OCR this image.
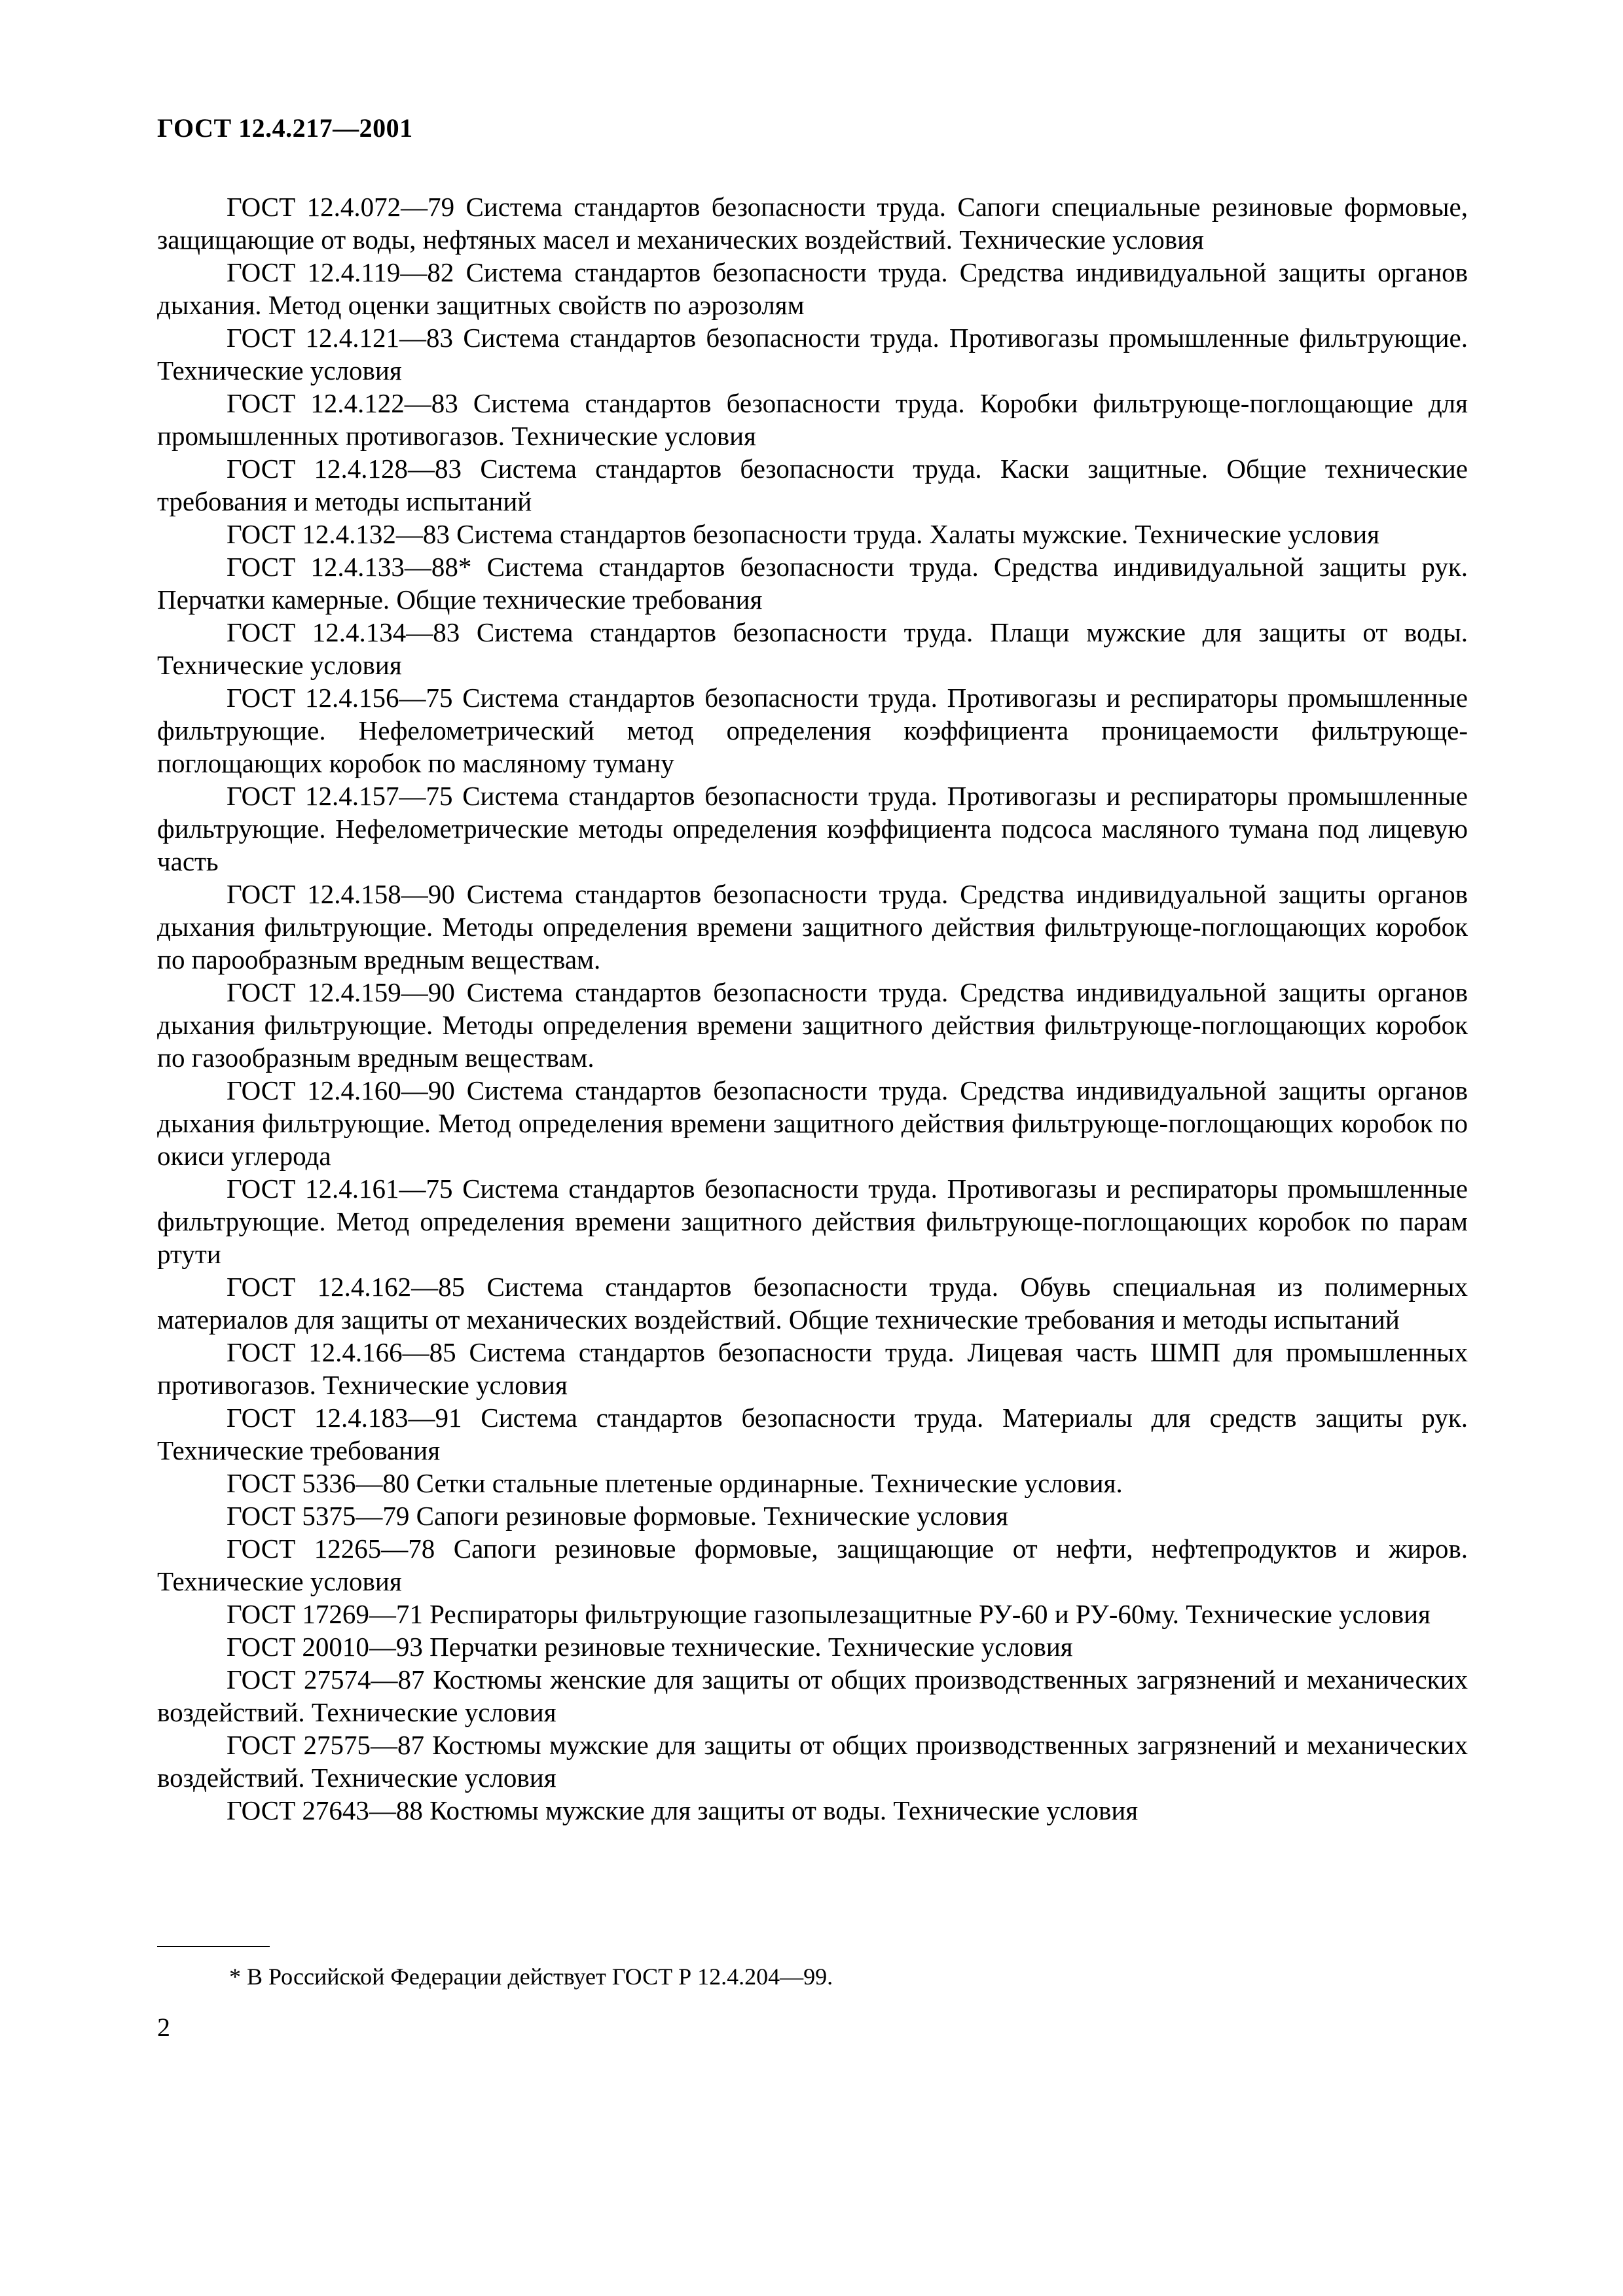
ГОСТ 12.4.217—2001
ГОСТ 12.4.072—79 Система стандартов безопасности труда. Сапоги специальные резиновые формовые, защищающие от воды, нефтяных масел и механических воздействий. Технические условия
ГОСТ 12.4.119—82 Система стандартов безопасности труда. Средства индивидуальной защиты органов дыхания. Метод оценки защитных свойств по аэрозолям
ГОСТ 12.4.121—83 Система стандартов безопасности труда. Противогазы промышленные фильтрующие. Технические условия
ГОСТ 12.4.122—83 Система стандартов безопасности труда. Коробки фильтрующе-поглощающие для промышленных противогазов. Технические условия
ГОСТ 12.4.128—83 Система стандартов безопасности труда. Каски защитные. Общие технические требования и методы испытаний
ГОСТ 12.4.132—83 Система стандартов безопасности труда. Халаты мужские. Технические условия
ГОСТ 12.4.133—88* Система стандартов безопасности труда. Средства индивидуальной защиты рук. Перчатки камерные. Общие технические требования
ГОСТ 12.4.134—83 Система стандартов безопасности труда. Плащи мужские для защиты от воды. Технические условия
ГОСТ 12.4.156—75 Система стандартов безопасности труда. Противогазы и респираторы промышленные фильтрующие. Нефелометрический метод определения коэффициента проницаемости фильтрующе-поглощающих коробок по масляному туману
ГОСТ 12.4.157—75 Система стандартов безопасности труда. Противогазы и респираторы промышленные фильтрующие. Нефелометрические методы определения коэффициента подсоса масляного тумана под лицевую часть
ГОСТ 12.4.158—90 Система стандартов безопасности труда. Средства индивидуальной защиты органов дыхания фильтрующие. Методы определения времени защитного действия фильтрующе-поглощающих коробок по парообразным вредным веществам.
ГОСТ 12.4.159—90 Система стандартов безопасности труда. Средства индивидуальной защиты органов дыхания фильтрующие. Методы определения времени защитного действия фильтрующе-поглощающих коробок по газообразным вредным веществам.
ГОСТ 12.4.160—90 Система стандартов безопасности труда. Средства индивидуальной защиты органов дыхания фильтрующие. Метод определения времени защитного действия фильтрующе-поглощающих коробок по окиси углерода
ГОСТ 12.4.161—75 Система стандартов безопасности труда. Противогазы и респираторы промышленные фильтрующие. Метод определения времени защитного действия фильтрующе-поглощающих коробок по парам ртути
ГОСТ 12.4.162—85 Система стандартов безопасности труда. Обувь специальная из полимерных материалов для защиты от механических воздействий. Общие технические требования и методы испытаний
ГОСТ 12.4.166—85 Система стандартов безопасности труда. Лицевая часть ШМП для промышленных противогазов. Технические условия
ГОСТ 12.4.183—91 Система стандартов безопасности труда. Материалы для средств защиты рук. Технические требования
ГОСТ 5336—80 Сетки стальные плетеные ординарные. Технические условия.
ГОСТ 5375—79 Сапоги резиновые формовые. Технические условия
ГОСТ 12265—78 Сапоги резиновые формовые, защищающие от нефти, нефтепродуктов и жиров. Технические условия
ГОСТ 17269—71 Респираторы фильтрующие газопылезащитные РУ-60 и РУ-60му. Технические условия
ГОСТ 20010—93 Перчатки резиновые технические. Технические условия
ГОСТ 27574—87 Костюмы женские для защиты от общих производственных загрязнений и механических воздействий. Технические условия
ГОСТ 27575—87 Костюмы мужские для защиты от общих производственных загрязнений и механических воздействий. Технические условия
ГОСТ 27643—88 Костюмы мужские для защиты от воды. Технические условия
* В Российской Федерации действует ГОСТ Р 12.4.204—99.
2
